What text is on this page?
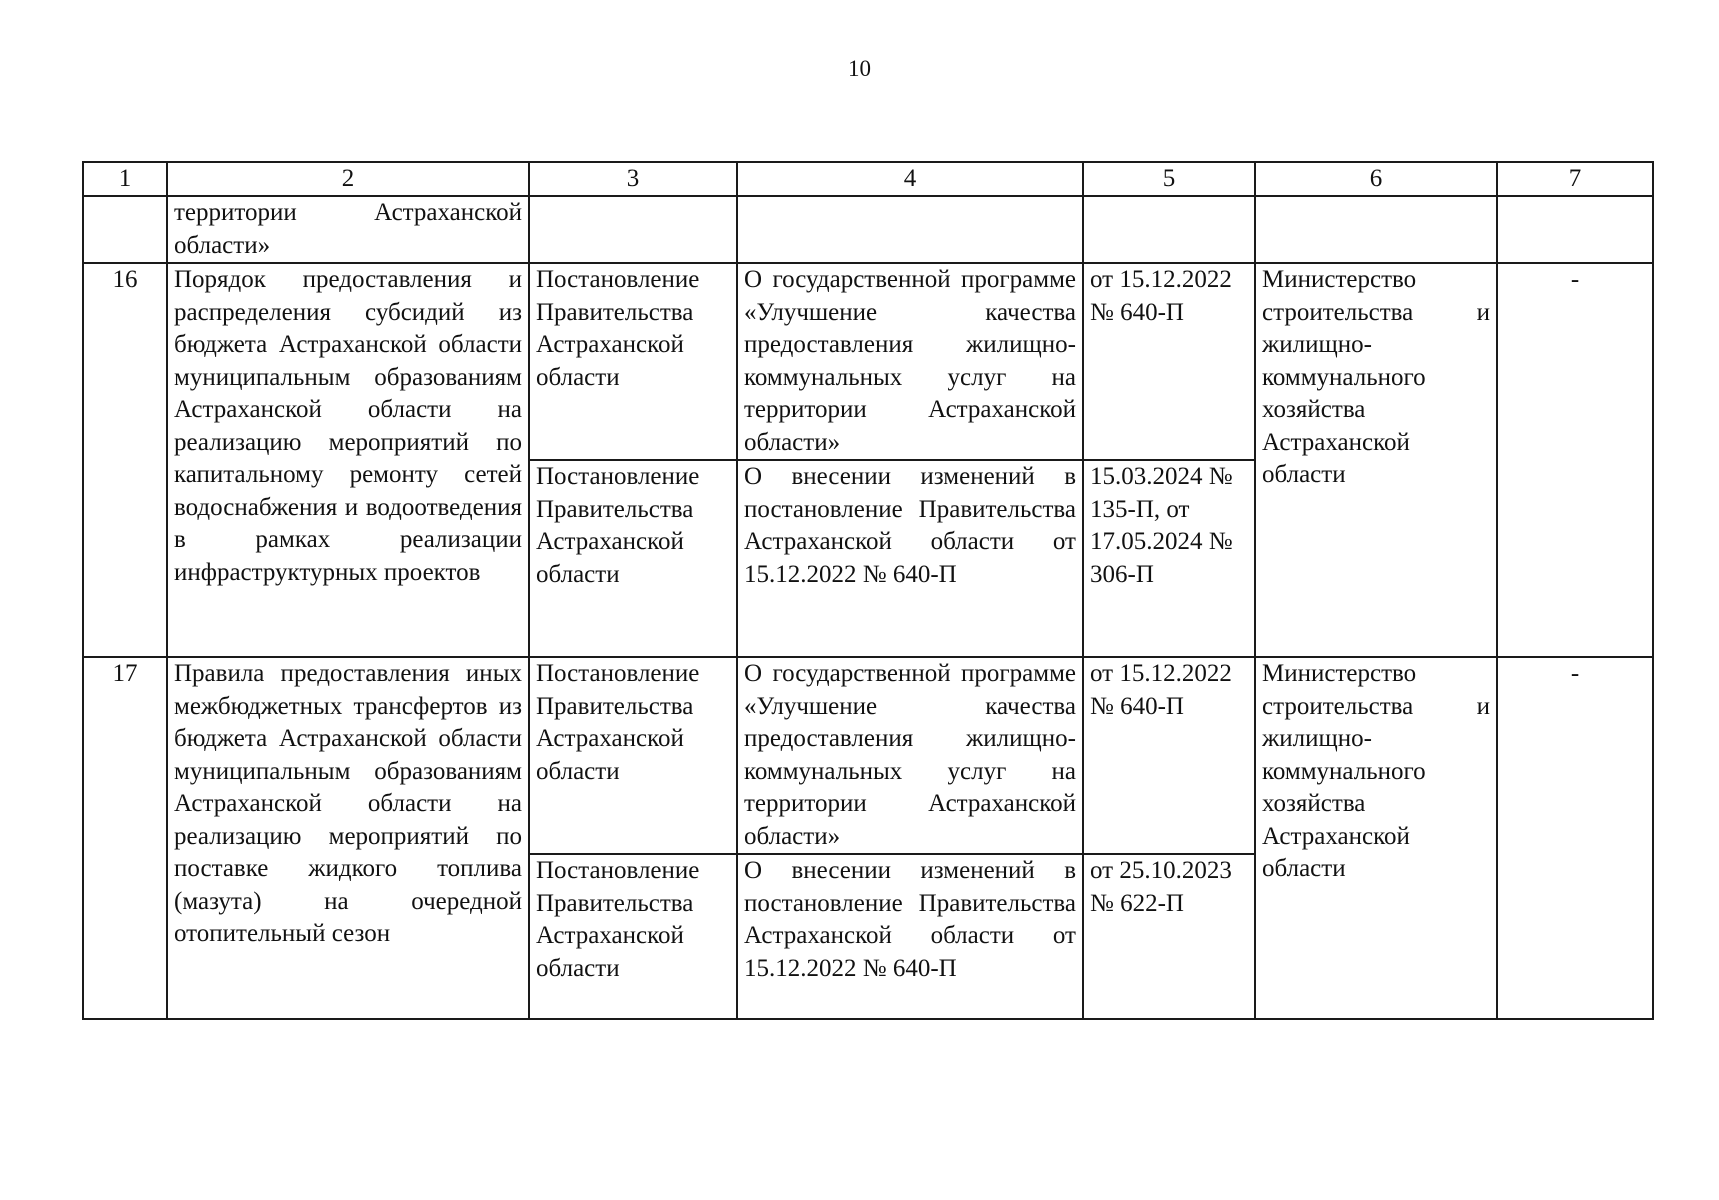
10
1	2	3	4	5	6	7
	территории Астраханской области»					
16	Порядок предоставления и распределения субсидий из бюджета Астраханской области муниципальным образованиям Астраханской области на реализацию мероприятий по капитальному ремонту сетей водоснабжения и водоотведения в рамках реализации инфраструктурных проектов	Постановление Правительства Астраханской области	О государственной программе «Улучшение качества предоставления жилищно-коммунальных услуг на территории Астраханской области»	от 15.12.2022 № 640-П	Министерство строительства и жилищно-коммунального хозяйства Астраханской области	-
		Постановление Правительства Астраханской области	О внесении изменений в постановление Правительства Астраханской области от 15.12.2022 № 640-П	15.03.2024 № 135-П, от 17.05.2024 № 306-П		
17	Правила предоставления иных межбюджетных трансфертов из бюджета Астраханской области муниципальным образованиям Астраханской области на реализацию мероприятий по поставке жидкого топлива (мазута) на очередной отопительный сезон	Постановление Правительства Астраханской области	О государственной программе «Улучшение качества предоставления жилищно-коммунальных услуг на территории Астраханской области»	от 15.12.2022 № 640-П	Министерство строительства и жилищно-коммунального хозяйства Астраханской области	-
		Постановление Правительства Астраханской области	О внесении изменений в постановление Правительства Астраханской области от 15.12.2022 № 640-П	от 25.10.2023 № 622-П		
